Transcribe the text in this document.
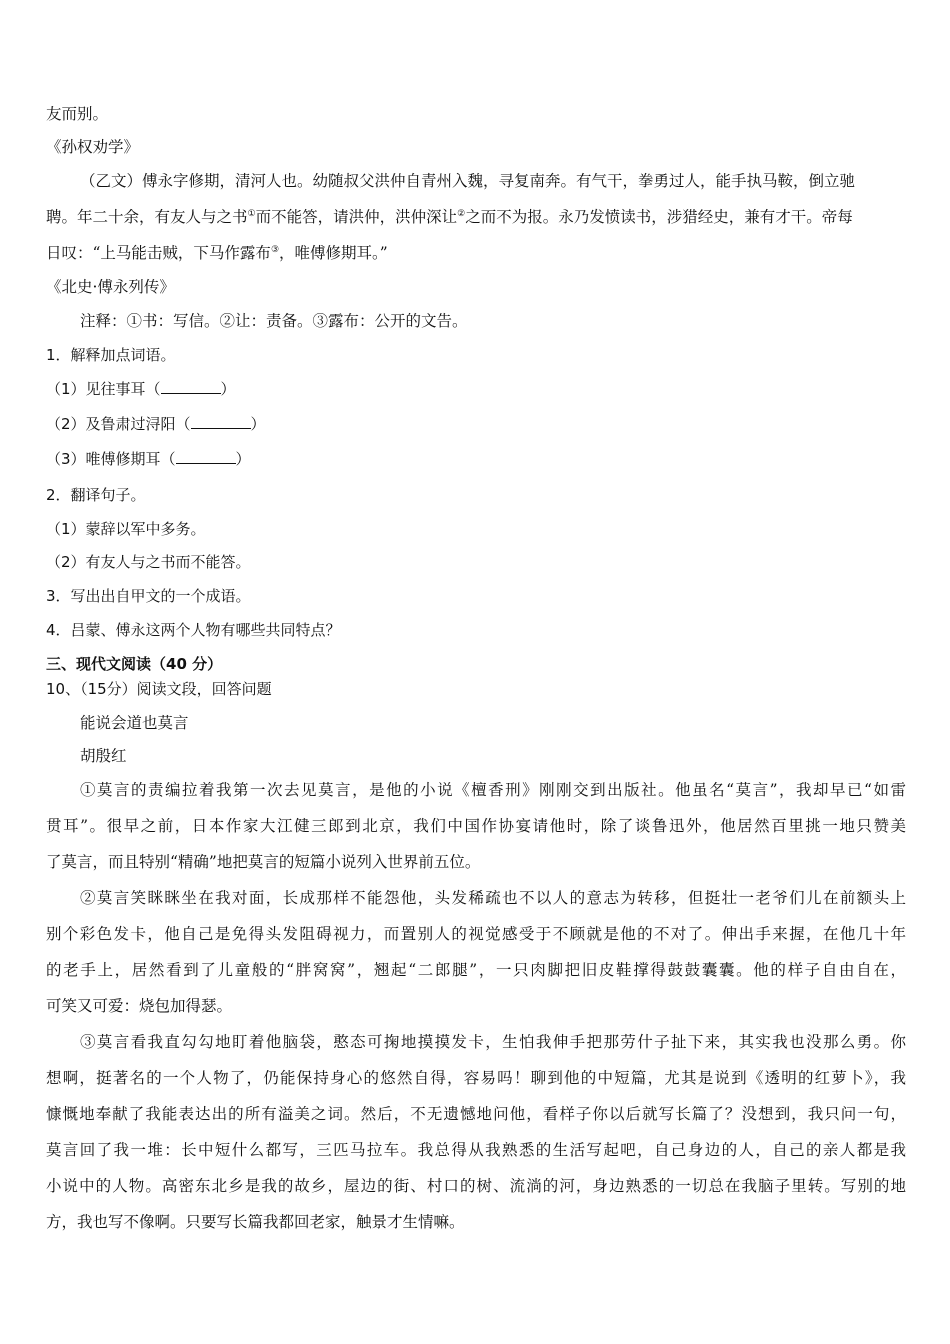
友而别。
《孙权劝学》
（乙文）傅永字修期，清河人也。幼随叔父洪仲自青州入魏，寻复南奔。有气干，拳勇过人，能手执马鞍，倒立驰
聘。年二十余，有友人与之书①而不能答，请洪仲，洪仲深让②之而不为报。永乃发愤读书，涉猎经史，兼有才干。帝每
日叹：“上马能击贼，下马作露布③，唯傅修期耳。”
《北史·傅永列传》
注释：①书：写信。②让：责备。③露布：公开的文告。
1．解释加点词语。
（1）见往事耳（	）
（2）及鲁肃过浔阳（	）
（3）唯傅修期耳（	）
2．翻译句子。
（1）蒙辞以军中多务。
（2）有友人与之书而不能答。
3．写出出自甲文的一个成语。
4．吕蒙、傅永这两个人物有哪些共同特点？
三、现代文阅读（40 分）
10、（15分）阅读文段，回答问题
能说会道也莫言
胡殷红
①莫言的责编拉着我第一次去见莫言，是他的小说《檀香刑》刚刚交到出版社。他虽名“莫言”，我却早已“如雷
贯耳”。很早之前，日本作家大江健三郎到北京，我们中国作协宴请他时，除了谈鲁迅外，他居然百里挑一地只赞美
了莫言，而且特别“精确”地把莫言的短篇小说列入世界前五位。
②莫言笑眯眯坐在我对面，长成那样不能怨他，头发稀疏也不以人的意志为转移，但挺壮一老爷们儿在前额头上
别个彩色发卡，他自己是免得头发阻碍视力，而置别人的视觉感受于不顾就是他的不对了。伸出手来握，在他几十年
的老手上，居然看到了儿童般的“胖窝窝”，翘起“二郎腿”，一只肉脚把旧皮鞋撑得鼓鼓囊囊。他的样子自由自在，
可笑又可爱：烧包加得瑟。
③莫言看我直勾勾地盯着他脑袋，憨态可掬地摸摸发卡，生怕我伸手把那劳什子扯下来，其实我也没那么勇。你
想啊，挺著名的一个人物了，仍能保持身心的悠然自得，容易吗！聊到他的中短篇，尤其是说到《透明的红萝卜》，我
慷慨地奉献了我能表达出的所有溢美之词。然后，不无遗憾地问他，看样子你以后就写长篇了？没想到，我只问一句，
莫言回了我一堆：长中短什么都写，三匹马拉车。我总得从我熟悉的生活写起吧，自己身边的人，自己的亲人都是我
小说中的人物。高密东北乡是我的故乡，屋边的街、村口的树、流淌的河，身边熟悉的一切总在我脑子里转。写别的地
方，我也写不像啊。只要写长篇我都回老家，触景才生情嘛。
